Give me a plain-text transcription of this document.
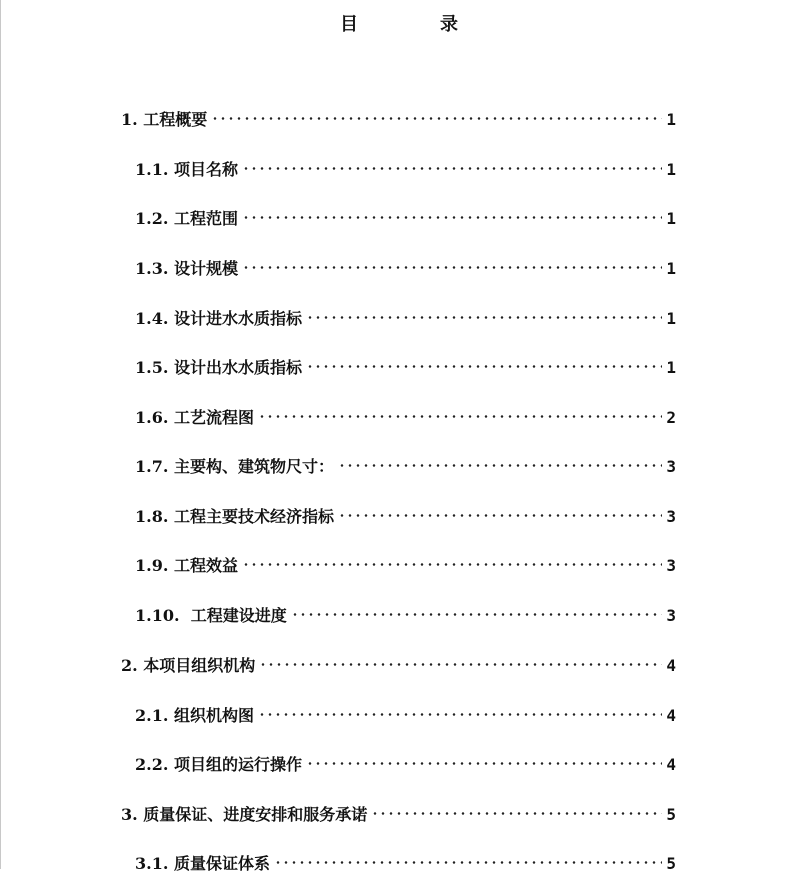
目	录
1. 工程概要	1
1.1. 项目名称	1
1.2. 工程范围	1
1.3. 设计规模	1
1.4. 设计进水水质指标	1
1.5. 设计出水水质指标	1
1.6. 工艺流程图	2
1.7. 主要构、建筑物尺寸：	3
1.8. 工程主要技术经济指标	3
1.9. 工程效益	3
1.10. 工程建设进度	3
2. 本项目组织机构	4
2.1. 组织机构图	4
2.2. 项目组的运行操作	4
3. 质量保证、进度安排和服务承诺	5
3.1. 质量保证体系	5
